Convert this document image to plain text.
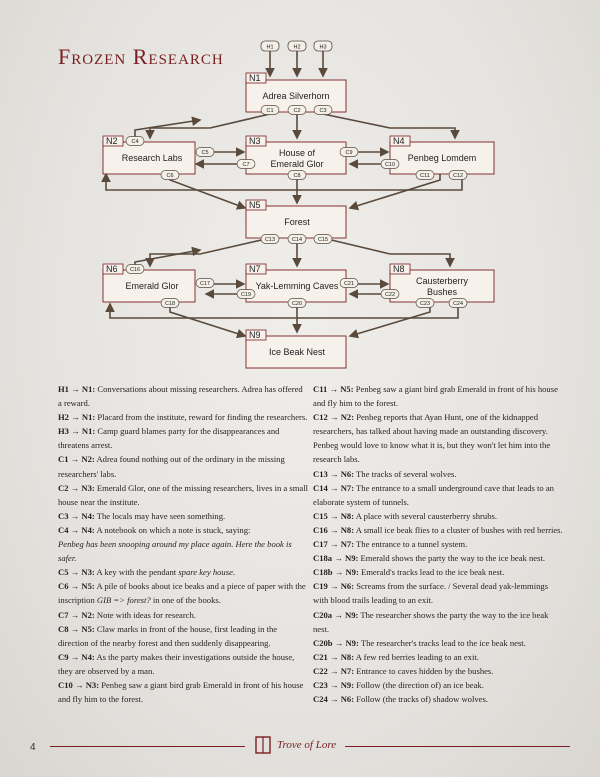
Frozen Research	H1	H2	H3
N1
Adrea Silverhorn
N2
Research Labs
N3
House of
Emerald Glor
N4
Penbeg Lomdem
N5
Forest
N6
Emerald Glor
N7
Yak-Lemming Caves
N8
Causterberry
Bushes
N9
Ice Beak Nest
C1	C2	C3
C4
C5
C6
C7
C8
C9
C10
C11	C12
C13	C14	C15
C16
C17
C18
C19
C20
C21
C22
C23	C24

H1 → N1: Conversations about missing researchers. Adrea has offered a reward.

H2 → N1: Placard from the institute, reward for finding the researchers.

H3 → N1: Camp guard blames party for the disappearances and threatens arrest.

C1 → N2: Adrea found nothing out of the ordinary in the missing researchers' labs.

C2 → N3: Emerald Glor, one of the missing researchers, lives in a small house near the institute.

C3 → N4: The locals may have seen something.

C4 → N4: A notebook on which a note is stuck, saying:
Penbeg has been snooping around my place again. Here the book is safer.

C5 → N3: A key with the pendant spare key house.

C6 → N5: A pile of books about ice beaks and a piece of paper with the inscription GIB => forest? in one of the books.

C7 → N2: Note with ideas for research.

C8 → N5: Claw marks in front of the house, first leading in the direction of the nearby forest and then suddenly disappearing.

C9 → N4: As the party makes their investigations outside the house, they are observed by a man.

C10 → N3: Penbeg saw a giant bird grab Emerald in front of his house and fly him to the forest.

C11 → N5: Penbeg saw a giant bird grab Emerald in front of his house and fly him to the forest.

C12 → N2: Penbeg reports that Ayan Hunt, one of the kidnapped researchers, has talked about having made an outstanding discovery. Penbeg would love to know what it is, but they won't let him into the research labs.

C13 → N6: The tracks of several wolves.

C14 → N7: The entrance to a small underground cave that leads to an elaborate system of tunnels.

C15 → N8: A place with several causterberry shrubs.

C16 → N8: A small ice beak flies to a cluster of bushes with red berries.

C17 → N7: The entrance to a tunnel system.

C18a → N9: Emerald shows the party the way to the ice beak nest.

C18b → N9: Emerald's tracks lead to the ice beak nest.

C19 → N6: Screams from the surface. / Several dead yak-lemmings with blood trails leading to an exit.

C20a → N9: The researcher shows the party the way to the ice beak nest.

C20b → N9: The researcher's tracks lead to the ice beak nest.

C21 → N8: A few red berries leading to an exit.

C22 → N7: Entrance to caves hidden by the bushes.

C23 → N9: Follow (the direction of) an ice beak.

C24 → N6: Follow (the tracks of) shadow wolves.

4	Trove of Lore
